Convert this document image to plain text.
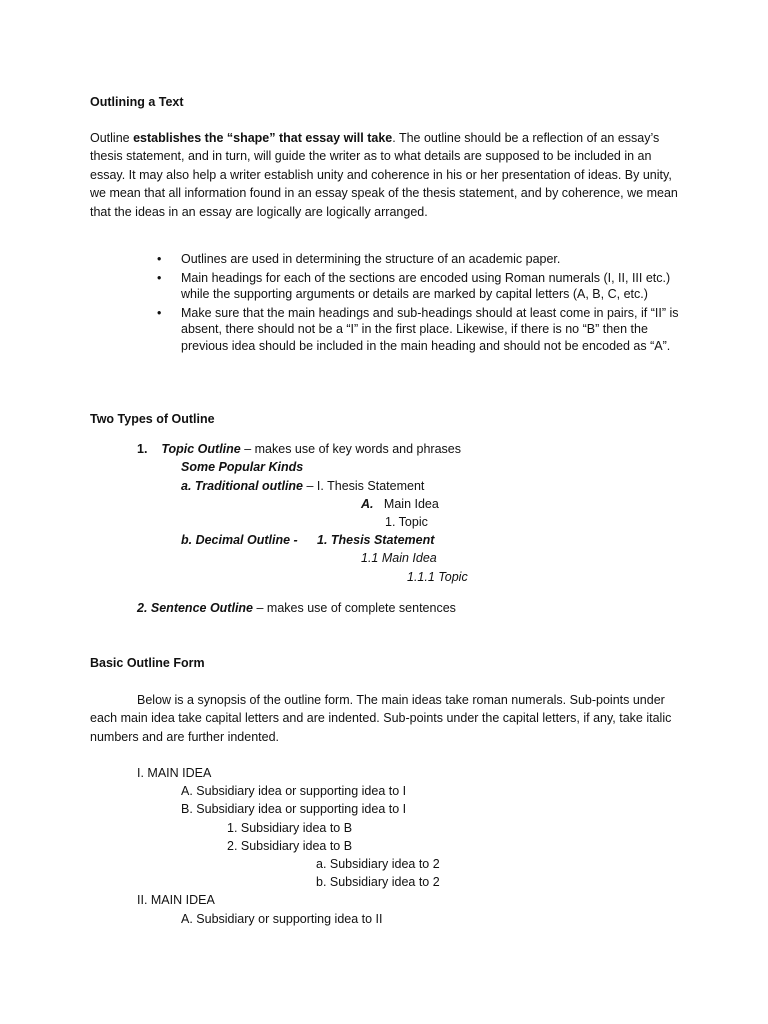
Outlining a Text

Outline establishes the “shape” that essay will take. The outline should be a reflection of an essay’s thesis statement, and in turn, will guide the writer as to what details are supposed to be included in an essay. It may also help a writer establish unity and coherence in his or her presentation of ideas. By unity, we mean that all information found in an essay speak of the thesis statement, and by coherence, we mean that the ideas in an essay are logically are logically arranged.

• Outlines are used in determining the structure of an academic paper.
• Main headings for each of the sections are encoded using Roman numerals (I, II, III etc.) while the supporting arguments or details are marked by capital letters (A, B, C, etc.)
• Make sure that the main headings and sub-headings should at least come in pairs, if “II” is absent, there should not be a “I” in the first place. Likewise, if there is no “B” then the previous idea should be included in the main heading and should not be encoded as “A”.

Two Types of Outline

1. Topic Outline – makes use of key words and phrases

Some Popular Kinds

a. Traditional outline – I. Thesis Statement

A. Main Idea

1. Topic

b. Decimal Outline - 1. Thesis Statement

1.1 Main Idea

1.1.1 Topic

2. Sentence Outline – makes use of complete sentences

Basic Outline Form

Below is a synopsis of the outline form. The main ideas take roman numerals. Sub-points under each main idea take capital letters and are indented. Sub-points under the capital letters, if any, take italic numbers and are further indented.

I. MAIN IDEA

A. Subsidiary idea or supporting idea to I

B. Subsidiary idea or supporting idea to I

1. Subsidiary idea to B

2. Subsidiary idea to B

a. Subsidiary idea to 2

b. Subsidiary idea to 2

II. MAIN IDEA

A. Subsidiary or supporting idea to II
